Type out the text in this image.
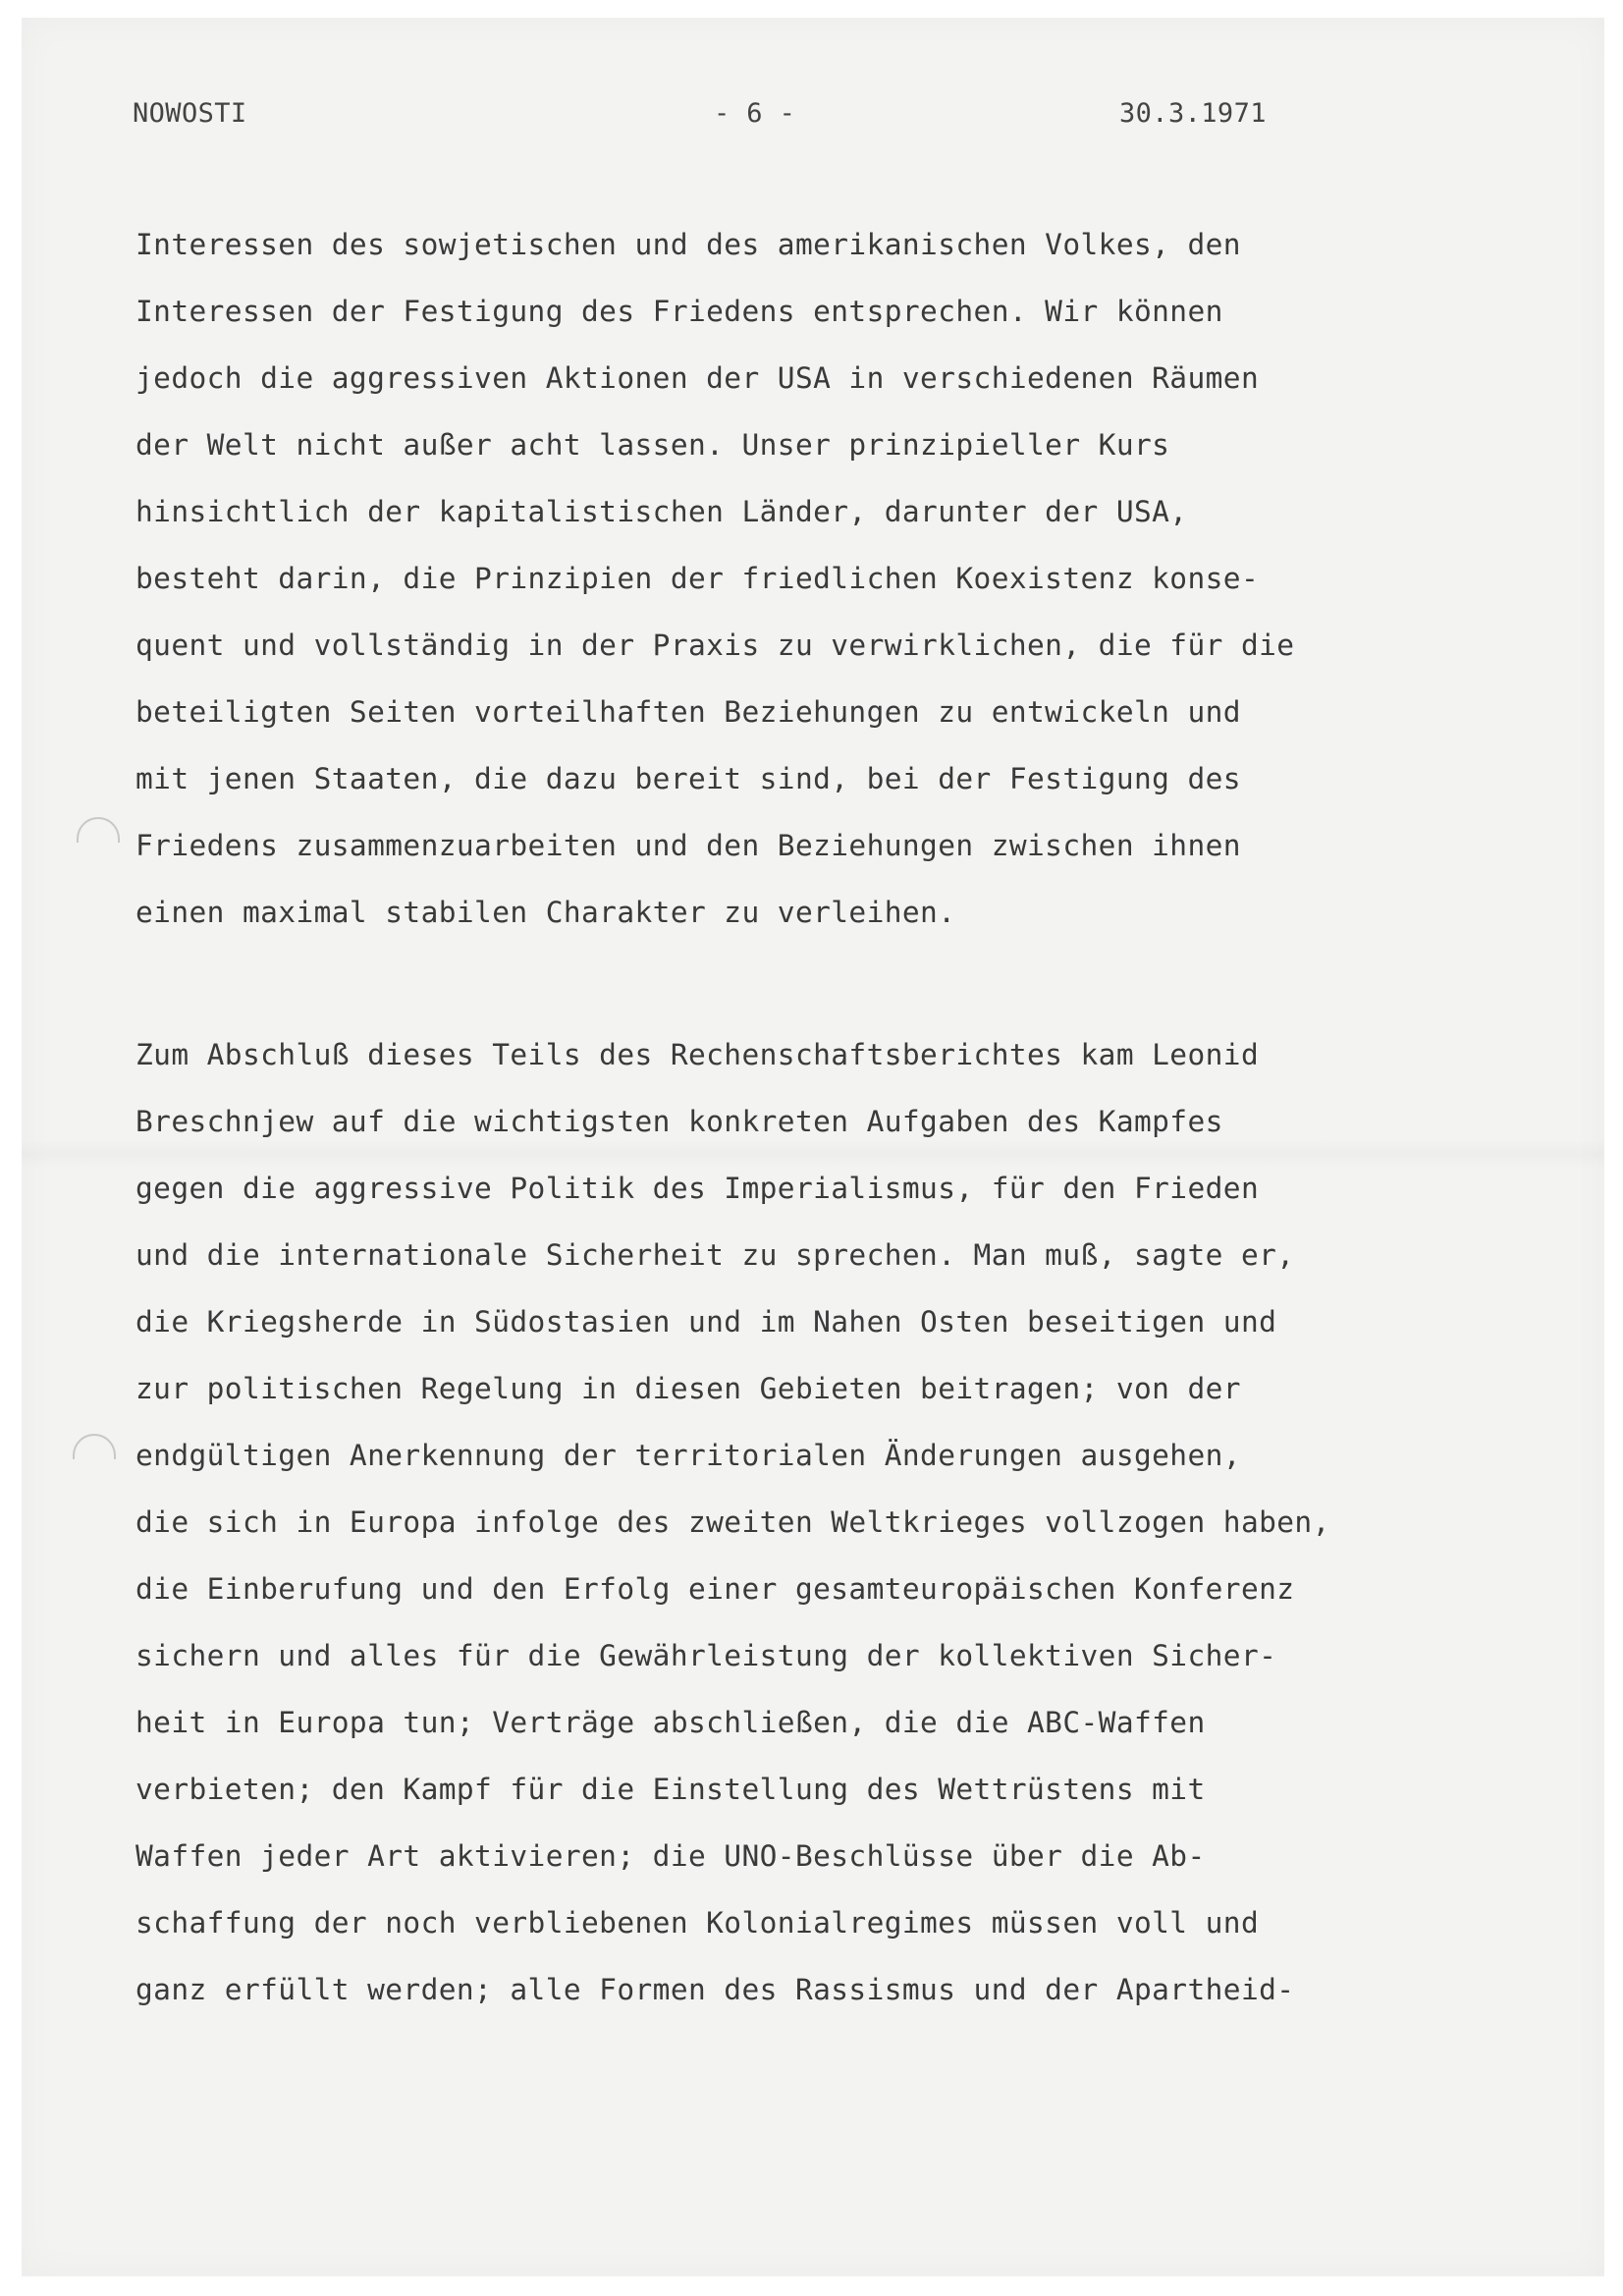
NOWOSTI	- 6 -	30.3.1971
Interessen des sowjetischen und des amerikanischen Volkes, den
Interessen der Festigung des Friedens entsprechen. Wir können
jedoch die aggressiven Aktionen der USA in verschiedenen Räumen
der Welt nicht außer acht lassen. Unser prinzipieller Kurs
hinsichtlich der kapitalistischen Länder, darunter der USA,
besteht darin, die Prinzipien der friedlichen Koexistenz konse-
quent und vollständig in der Praxis zu verwirklichen, die für die
beteiligten Seiten vorteilhaften Beziehungen zu entwickeln und
mit jenen Staaten, die dazu bereit sind, bei der Festigung des
Friedens zusammenzuarbeiten und den Beziehungen zwischen ihnen
einen maximal stabilen Charakter zu verleihen.
Zum Abschluß dieses Teils des Rechenschaftsberichtes kam Leonid
Breschnjew auf die wichtigsten konkreten Aufgaben des Kampfes
gegen die aggressive Politik des Imperialismus, für den Frieden
und die internationale Sicherheit zu sprechen. Man muß, sagte er,
die Kriegsherde in Südostasien und im Nahen Osten beseitigen und
zur politischen Regelung in diesen Gebieten beitragen; von der
endgültigen Anerkennung der territorialen Änderungen ausgehen,
die sich in Europa infolge des zweiten Weltkrieges vollzogen haben,
die Einberufung und den Erfolg einer gesamteuropäischen Konferenz
sichern und alles für die Gewährleistung der kollektiven Sicher-
heit in Europa tun; Verträge abschließen, die die ABC-Waffen
verbieten; den Kampf für die Einstellung des Wettrüstens mit
Waffen jeder Art aktivieren; die UNO-Beschlüsse über die Ab-
schaffung der noch verbliebenen Kolonialregimes müssen voll und
ganz erfüllt werden; alle Formen des Rassismus und der Apartheid-
